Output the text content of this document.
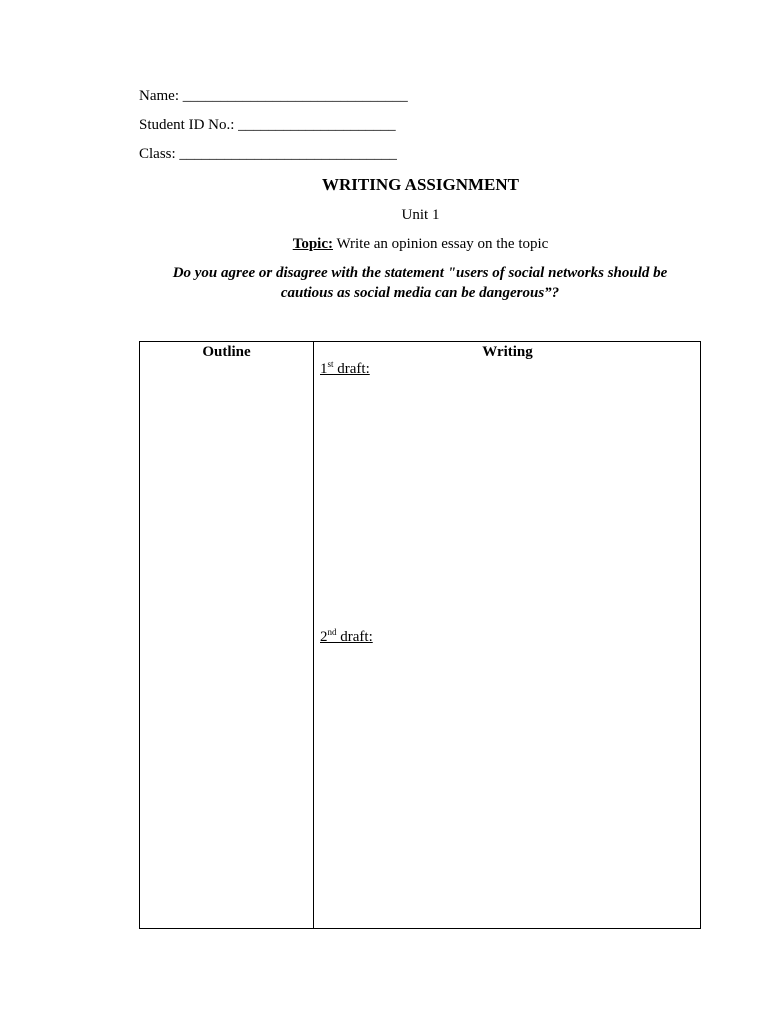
Name: ______________________________
Student ID No.: _____________________
Class: _____________________________
WRITING ASSIGNMENT
Unit 1
Topic: Write an opinion essay on the topic
Do you agree or disagree with the statement "users of social networks should be cautious as social media can be dangerous”?
Outline	Writing
1st draft:
2nd draft:
